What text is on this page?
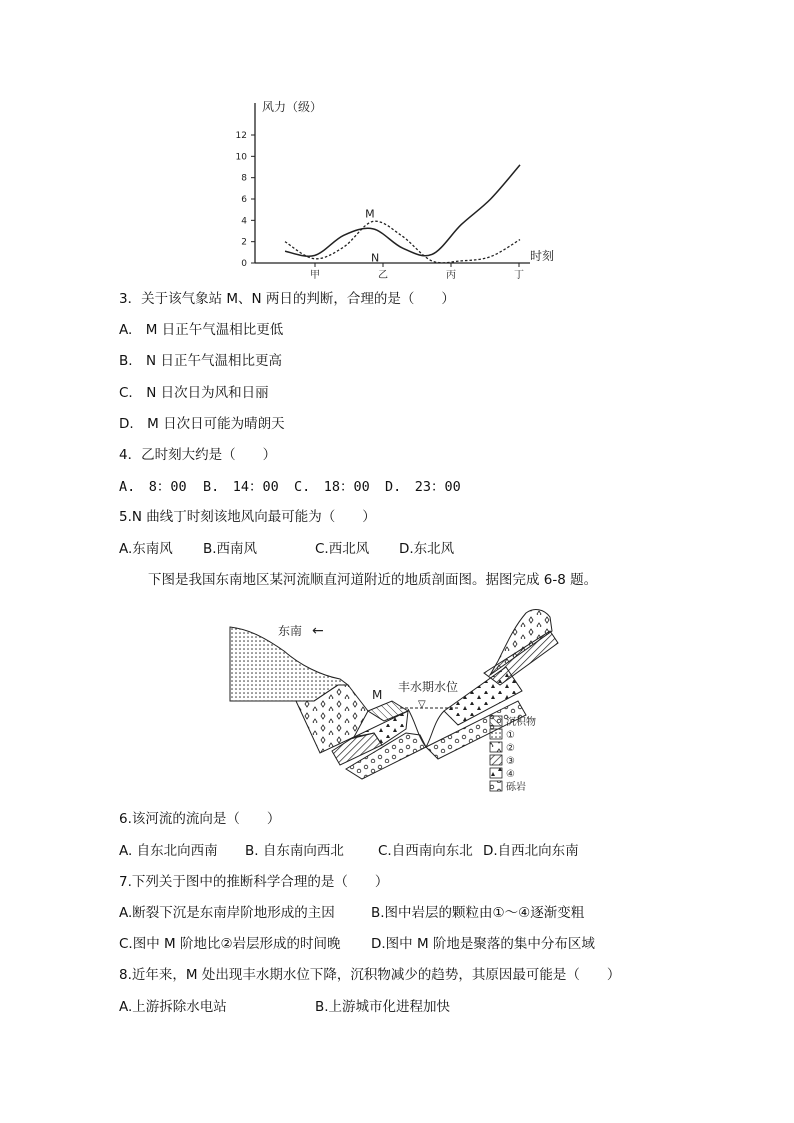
风力（级）
时刻
0
2
4
6
8
10
12
甲	乙	丙	丁
M
N
3．关于该气象站 M、N 两日的判断，合理的是（　　）
A.　M 日正午气温相比更低
B.　N 日正午气温相比更高
C.　N 日次日为风和日丽
D.　M 日次日可能为晴朗天
4．乙时刻大约是（　　）
A.　8：00 B.　14：00 C.　18：00 D.　23：00
5.N 曲线丁时刻该地风向最可能为（　　）
A.东南风 B.西南风	C.西北风 D.东北风
下图是我国东南地区某河流顺直河道附近的地质剖面图。据图完成 6-8 题。
东南 ←
丰水期水位
▽
M
沉积物
①
②
③
④
砾岩
6.该河流的流向是（　　）
A. 自东北向西南 B. 自东南向西北	C.自西南向东北 D.自西北向东南
7.下列关于图中的推断科学合理的是（　　）
A.断裂下沉是东南岸阶地形成的主因	B.图中岩层的颗粒由①～④逐渐变粗
C.图中 M 阶地比②岩层形成的时间晚 D.图中 M 阶地是聚落的集中分布区域
8.近年来，M 处出现丰水期水位下降，沉积物减少的趋势，其原因最可能是（　　）
A.上游拆除水电站	B.上游城市化进程加快
